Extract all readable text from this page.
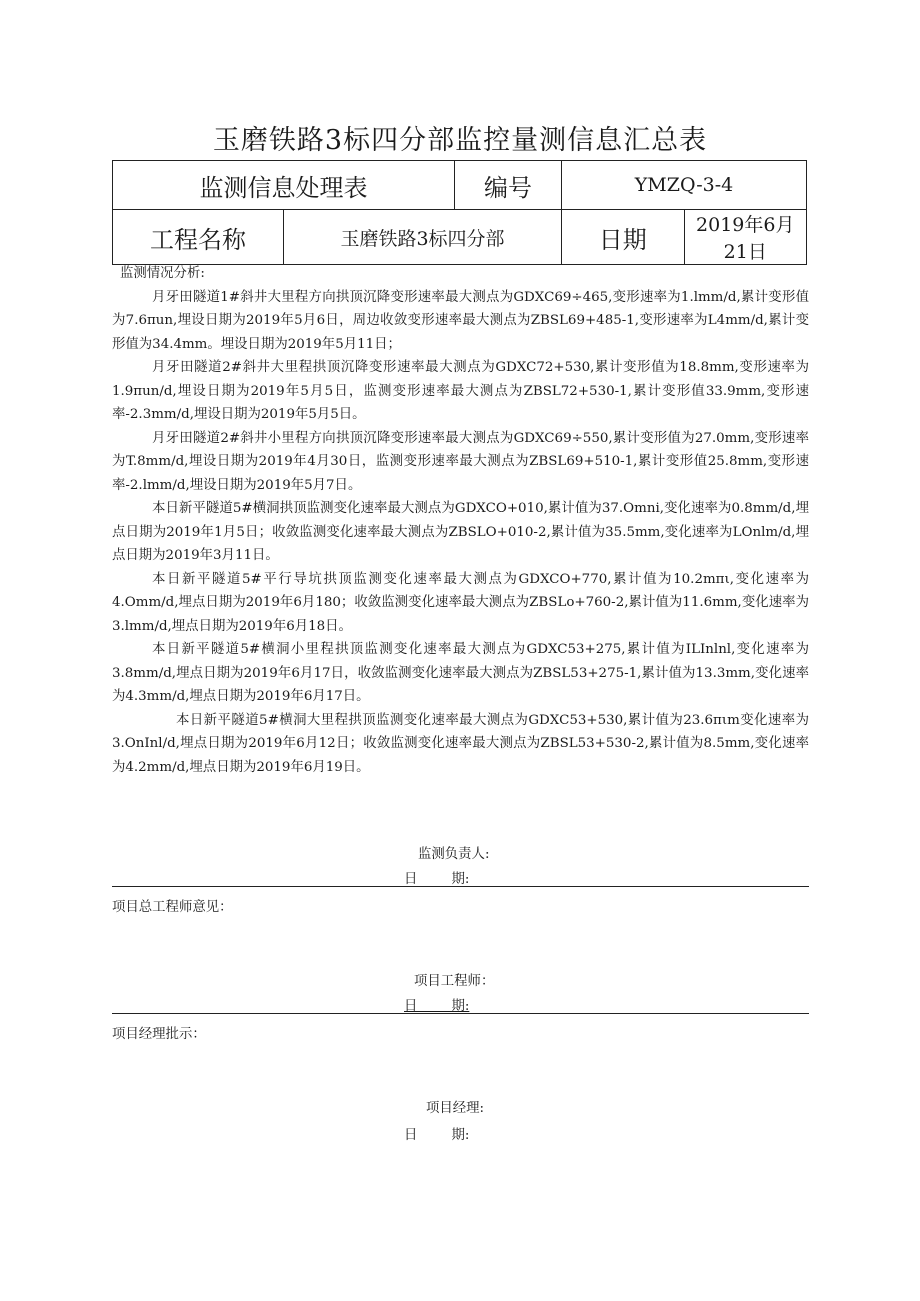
玉磨铁路3标四分部监控量测信息汇总表
监测信息处理表		编号	YMZQ-3-4	
工程名称	玉磨铁路3标四分部		日期	2019年6月21日

监测情况分析:

月牙田隧道1#斜井大里程方向拱顶沉降变形速率最大测点为GDXC69÷465,变形速率为1.lmm/d,累计变形值为7.6πun,埋设日期为2019年5月6日，周边收敛变形速率最大测点为ZBSL69+485-1,变形速率为L4mm/d,累计变形值为34.4mm。埋设日期为2019年5月11日；

月牙田隧道2#斜井大里程拱顶沉降变形速率最大测点为GDXC72+530,累计变形值为18.8mm,变形速率为1.9πun/d,埋设日期为2019年5月5日，监测变形速率最大测点为ZBSL72+530-1,累计变形值33.9mm,变形速率-2.3mm/d,埋设日期为2019年5月5日。

月牙田隧道2#斜井小里程方向拱顶沉降变形速率最大测点为GDXC69÷550,累计变形值为27.0mm,变形速率为T.8mm/d,埋设日期为2019年4月30日，监测变形速率最大测点为ZBSL69+510-1,累计变形值25.8mm,变形速率-2.lmm/d,埋设日期为2019年5月7日。

本日新平隧道5#横洞拱顶监测变化速率最大测点为GDXCO+010,累计值为37.Omni,变化速率为0.8mm/d,埋点日期为2019年1月5日；收敛监测变化速率最大测点为ZBSLO+010-2,累计值为35.5mm,变化速率为LOnlm/d,埋点日期为2019年3月11日。

本日新平隧道5#平行导坑拱顶监测变化速率最大测点为GDXCO+770,累计值为10.2mπι,变化速率为4.Omm/d,埋点日期为2019年6月180；收敛监测变化速率最大测点为ZBSLo+760-2,累计值为11.6mm,变化速率为3.lmm/d,埋点日期为2019年6月18日。

本日新平隧道5#横洞小里程拱顶监测变化速率最大测点为GDXC53+275,累计值为ILInlnl,变化速率为3.8mm/d,埋点日期为2019年6月17日，收敛监测变化速率最大测点为ZBSL53+275-1,累计值为13.3mm,变化速率为4.3mm/d,埋点日期为2019年6月17日。

本日新平隧道5#横洞大里程拱顶监测变化速率最大测点为GDXC53+530,累计值为23.6πιm变化速率为3.OnInl/d,埋点日期为2019年6月12日；收敛监测变化速率最大测点为ZBSL53+530-2,累计值为8.5mm,变化速率为4.2mm/d,埋点日期为2019年6月19日。

监测负责人:
日        期:
项目总工程师意见：
项目工程师：
日        期:
项目经理批示：
项目经理:
日        期:
